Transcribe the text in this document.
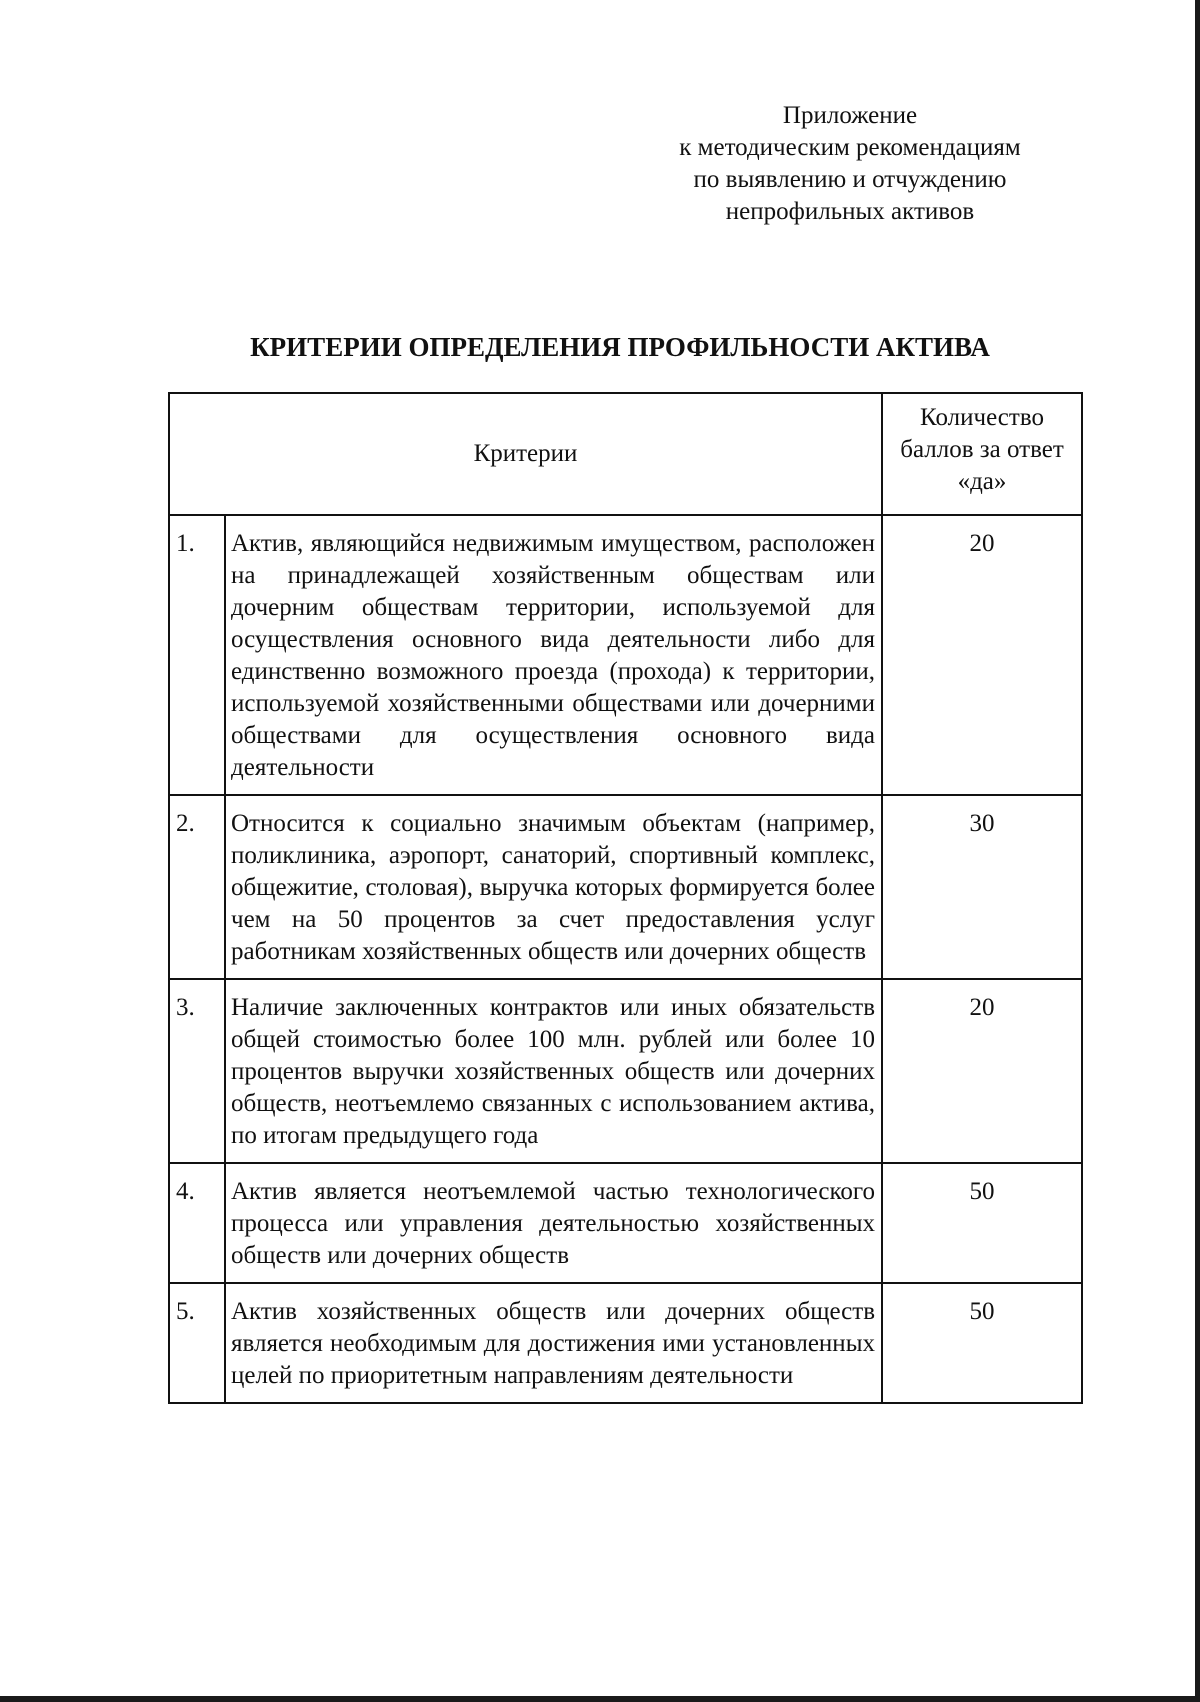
Приложение
к методическим рекомендациям
по выявлению и отчуждению
непрофильных активов
КРИТЕРИИ ОПРЕДЕЛЕНИЯ ПРОФИЛЬНОСТИ АКТИВА
Критерии		Количество баллов за ответ «да»
1.	Актив, являющийся недвижимым имуществом, расположен на принадлежащей хозяйственным обществам или дочерним обществам территории, используемой для осуществления основного вида деятельности либо для единственно возможного проезда (прохода) к территории, используемой хозяйственными обществами или дочерними обществами для осуществления основного вида деятельности	20
2.	Относится к социально значимым объектам (например, поликлиника, аэропорт, санаторий, спортивный комплекс, общежитие, столовая), выручка которых формируется более чем на 50 процентов за счет предоставления услуг работникам хозяйственных обществ или дочерних обществ	30
3.	Наличие заключенных контрактов или иных обязательств общей стоимостью более 100 млн. рублей или более 10 процентов выручки хозяйственных обществ или дочерних обществ, неотъемлемо связанных с использованием актива, по итогам предыдущего года	20
4.	Актив является неотъемлемой частью технологического процесса или управления деятельностью хозяйственных обществ или дочерних обществ	50
5.	Актив хозяйственных обществ или дочерних обществ является необходимым для достижения ими установленных целей по приоритетным направлениям деятельности	50
